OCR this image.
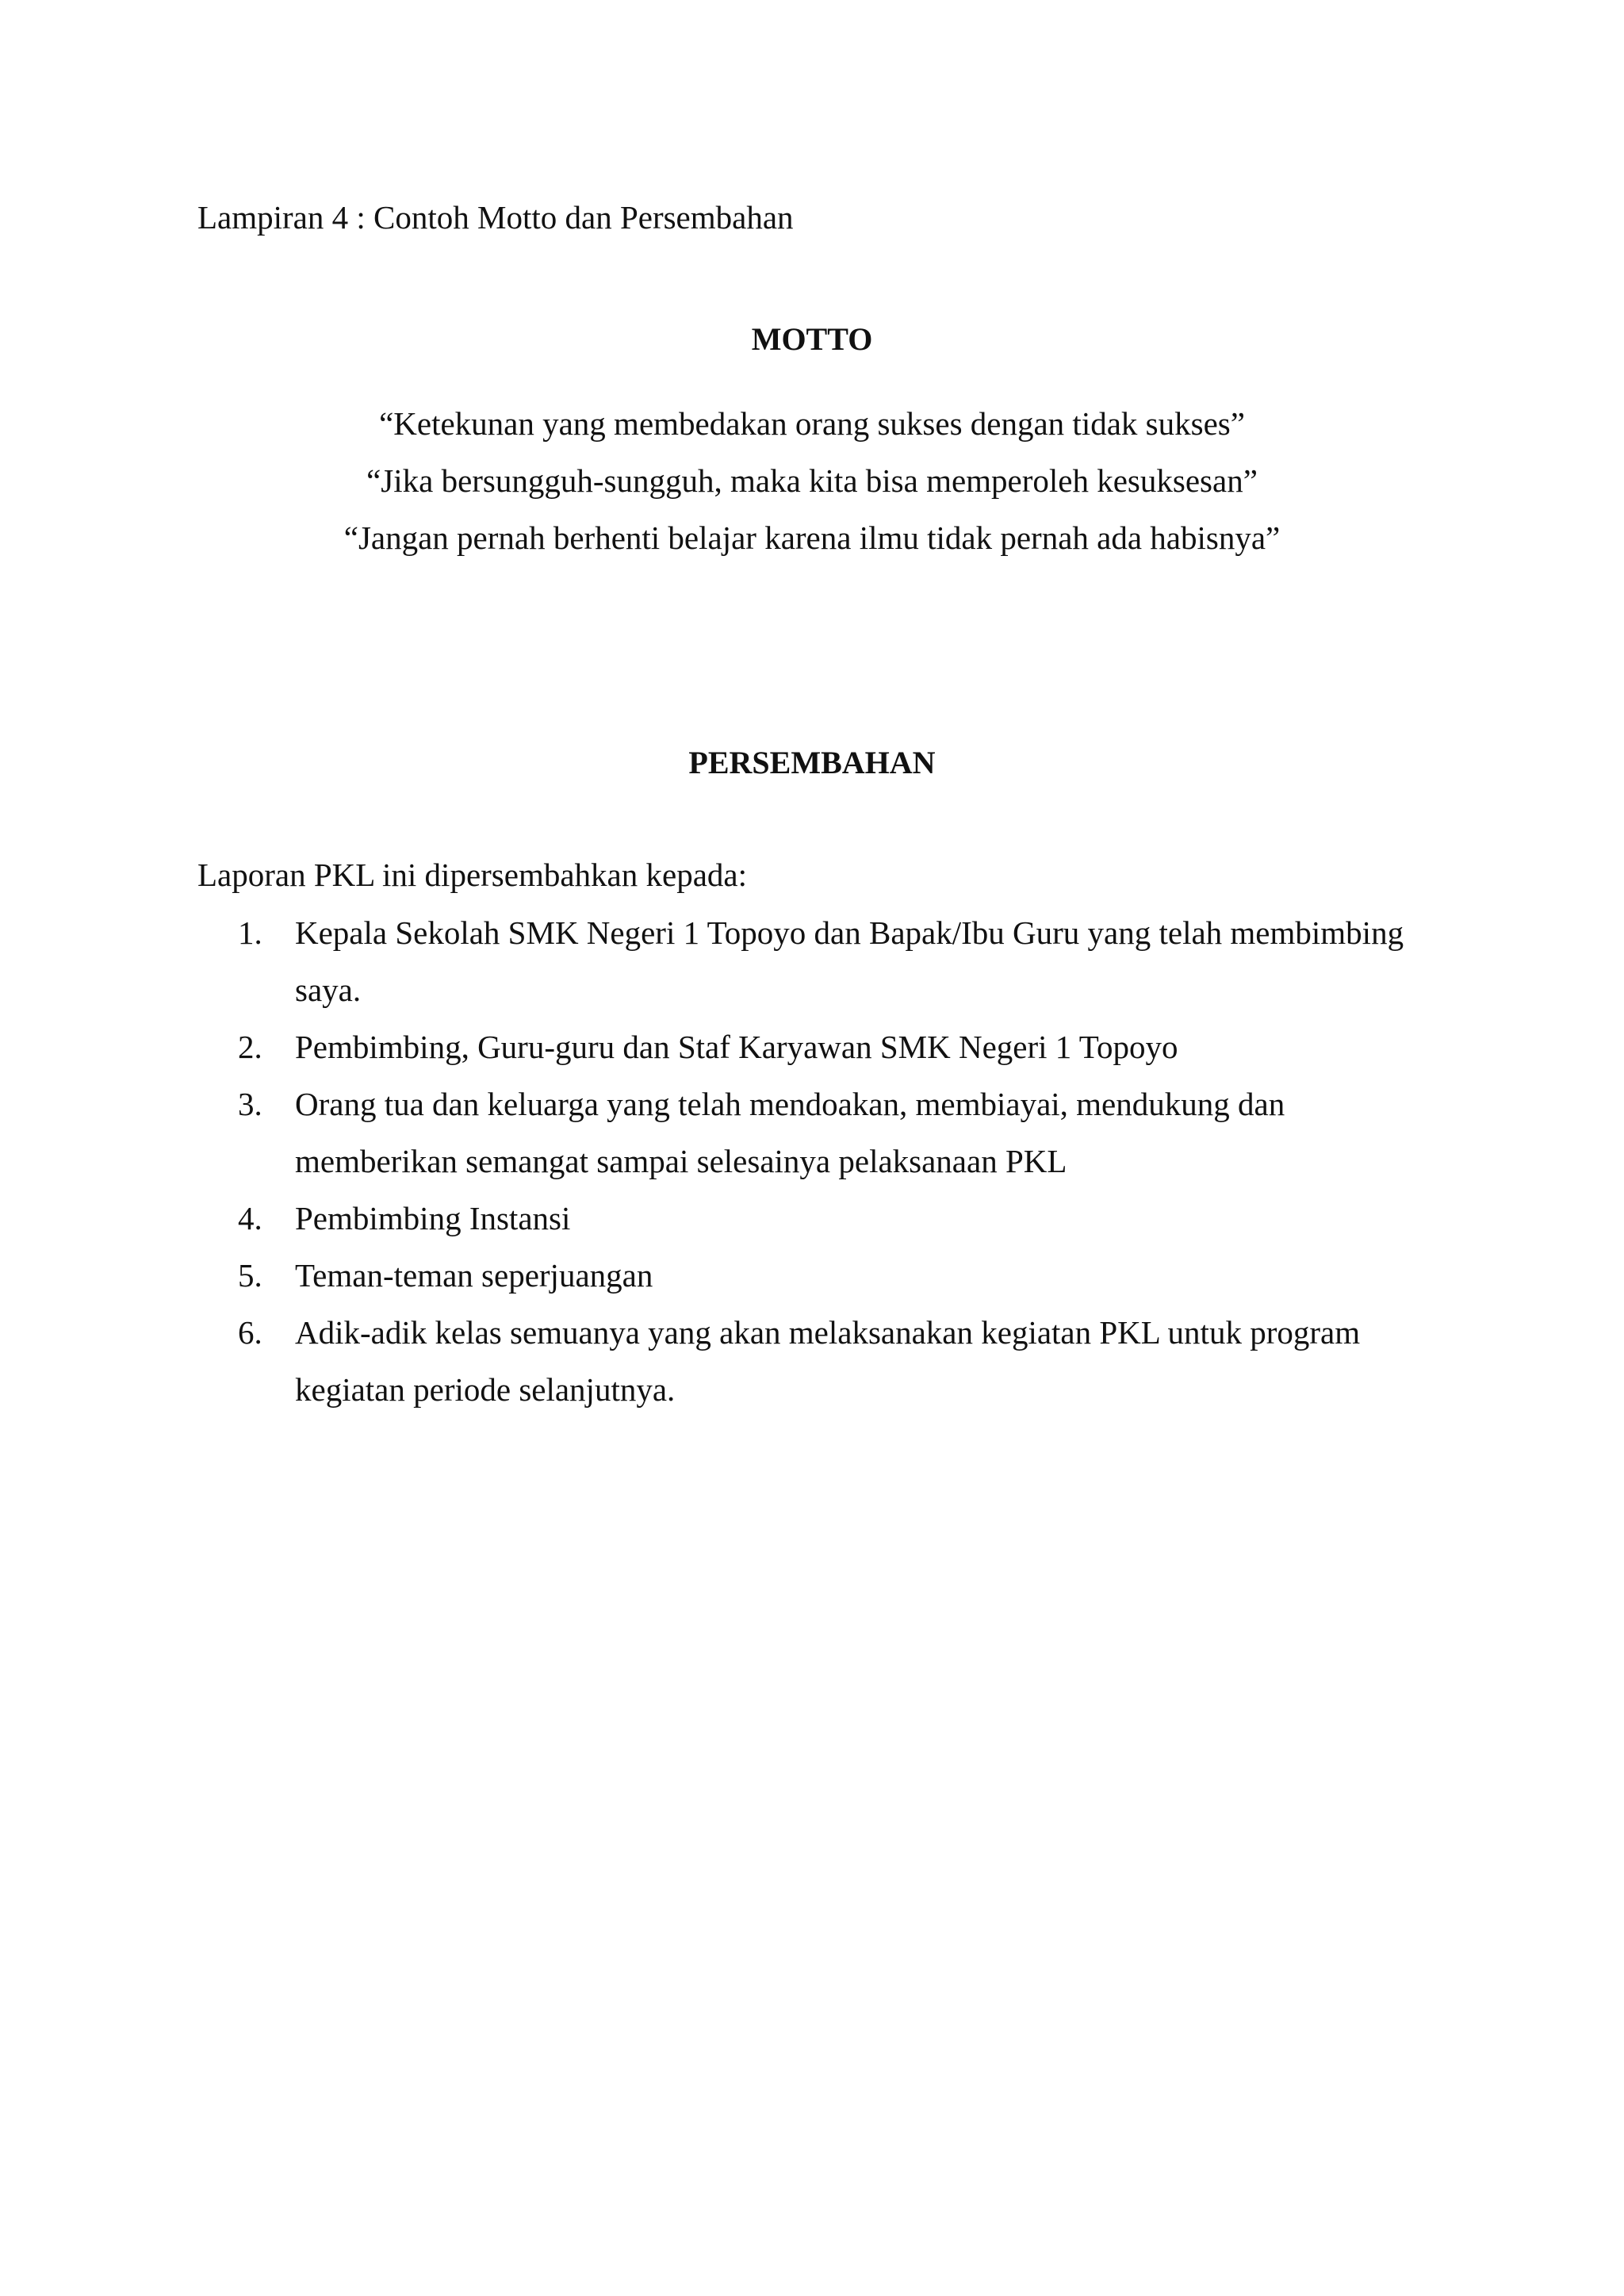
Lampiran 4 : Contoh Motto dan Persembahan
MOTTO
“Ketekunan yang membedakan orang sukses dengan tidak sukses”
“Jika bersungguh-sungguh, maka kita bisa memperoleh kesuksesan”
“Jangan pernah berhenti belajar karena ilmu tidak pernah ada habisnya”
PERSEMBAHAN
Laporan PKL ini dipersembahkan kepada:
1.	Kepala Sekolah SMK Negeri 1 Topoyo dan Bapak/Ibu Guru yang telah membimbing saya.
2.	Pembimbing, Guru-guru dan Staf Karyawan SMK Negeri 1 Topoyo
3.	Orang tua dan keluarga yang telah mendoakan, membiayai, mendukung dan memberikan semangat sampai selesainya pelaksanaan PKL
4.	Pembimbing Instansi
5.	Teman-teman seperjuangan
6.	Adik-adik kelas semuanya yang akan melaksanakan kegiatan PKL untuk program kegiatan periode selanjutnya.
